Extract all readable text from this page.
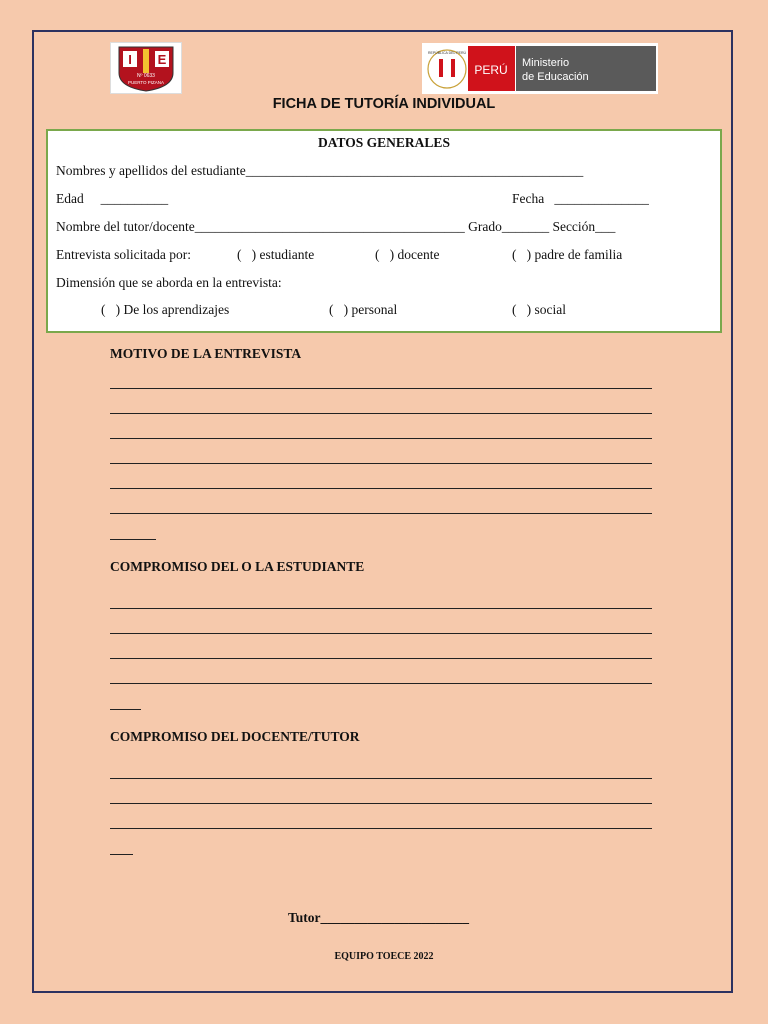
I E
Nº 0633
PUERTO PIZANA
REPÚBLICA DEL PERÚ
PERÚ Ministerio
de Educación
FICHA DE TUTORÍA INDIVIDUAL
DATOS GENERALES
Nombres y apellidos del estudiante__________________________________________________
Edad     __________	Fecha   ______________
Nombre del tutor/docente________________________________________ Grado_______ Sección___
Entrevista solicitada por:	(   ) estudiante	(   ) docente	(   ) padre de familia
Dimensión que se aborda en la entrevista:
(   ) De los aprendizajes	(   ) personal	(   ) social
MOTIVO DE LA ENTREVISTA
COMPROMISO DEL O LA ESTUDIANTE
COMPROMISO DEL DOCENTE/TUTOR
Tutor______________________
EQUIPO TOECE 2022
